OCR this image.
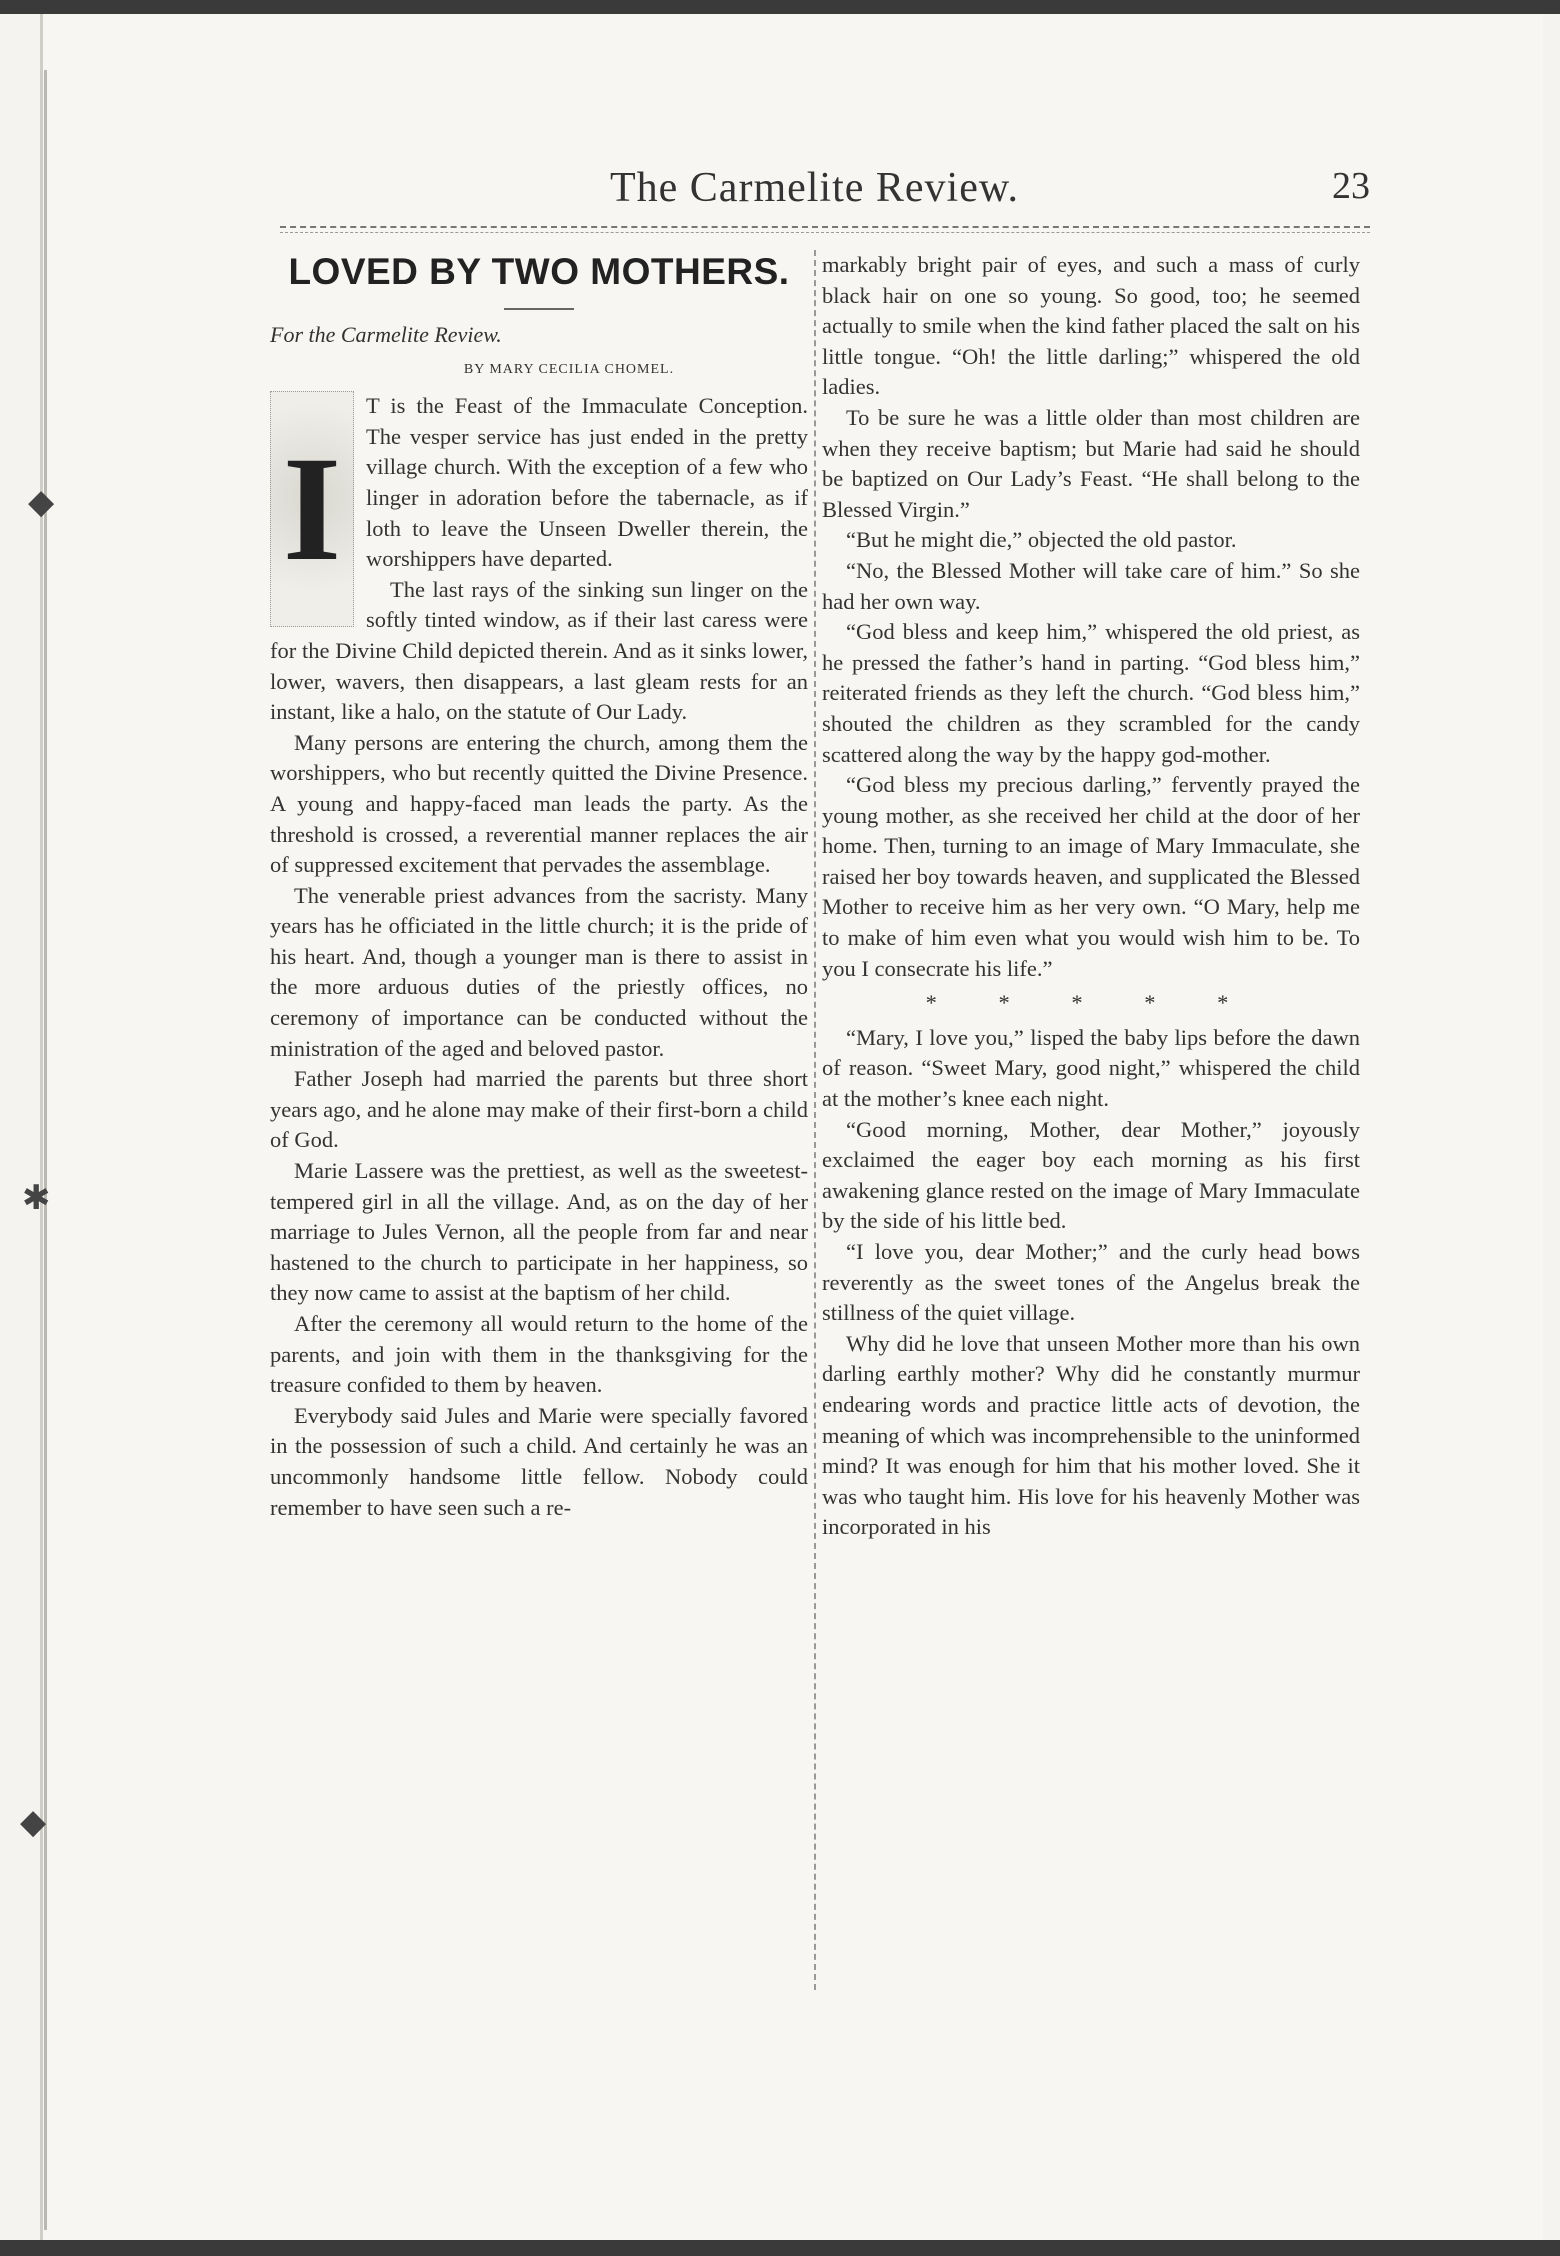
◆
✱
◆
The Carmelite Review.	23
LOVED BY TWO MOTHERS.
For the Carmelite Review.
BY MARY CECILIA CHOMEL.
I

T is the Feast of the Immaculate Conception. The vesper service has just ended in the pretty village church. With the exception of a few who linger in adoration before the tabernacle, as if loth to leave the Unseen Dweller therein, the worshippers have departed.

The last rays of the sinking sun linger on the softly tinted window, as if their last caress were for the Divine Child depicted therein. And as it sinks lower, lower, wavers, then disappears, a last gleam rests for an instant, like a halo, on the statute of Our Lady.

Many persons are entering the church, among them the worshippers, who but recently quitted the Divine Presence. A young and happy-faced man leads the party. As the threshold is crossed, a reverential manner replaces the air of suppressed excitement that pervades the assemblage.

The venerable priest advances from the sacristy. Many years has he officiated in the little church; it is the pride of his heart. And, though a younger man is there to assist in the more arduous duties of the priestly offices, no ceremony of importance can be conducted without the ministration of the aged and beloved pastor.

Father Joseph had married the parents but three short years ago, and he alone may make of their first-born a child of God.

Marie Lassere was the prettiest, as well as the sweetest-tempered girl in all the village. And, as on the day of her marriage to Jules Vernon, all the people from far and near hastened to the church to participate in her happiness, so they now came to assist at the baptism of her child.

After the ceremony all would return to the home of the parents, and join with them in the thanksgiving for the treasure confided to them by heaven.

Everybody said Jules and Marie were specially favored in the possession of such a child. And certainly he was an uncommonly handsome little fellow. Nobody could remember to have seen such a re-

markably bright pair of eyes, and such a mass of curly black hair on one so young. So good, too; he seemed actually to smile when the kind father placed the salt on his little tongue. “Oh! the little darling;” whispered the old ladies.

To be sure he was a little older than most children are when they receive baptism; but Marie had said he should be baptized on Our Lady’s Feast. “He shall belong to the Blessed Virgin.”

“But he might die,” objected the old pastor.

“No, the Blessed Mother will take care of him.” So she had her own way.

“God bless and keep him,” whispered the old priest, as he pressed the father’s hand in parting. “God bless him,” reiterated friends as they left the church. “God bless him,” shouted the children as they scrambled for the candy scattered along the way by the happy god-mother.

“God bless my precious darling,” fervently prayed the young mother, as she received her child at the door of her home. Then, turning to an image of Mary Immaculate, she raised her boy towards heaven, and supplicated the Blessed Mother to receive him as her very own. “O Mary, help me to make of him even what you would wish him to be. To you I consecrate his life.”

* * * * *

“Mary, I love you,” lisped the baby lips before the dawn of reason. “Sweet Mary, good night,” whispered the child at the mother’s knee each night.

“Good morning, Mother, dear Mother,” joyously exclaimed the eager boy each morning as his first awakening glance rested on the image of Mary Immaculate by the side of his little bed.

“I love you, dear Mother;” and the curly head bows reverently as the sweet tones of the Angelus break the stillness of the quiet village.

Why did he love that unseen Mother more than his own darling earthly mother? Why did he constantly murmur endearing words and practice little acts of devotion, the meaning of which was incomprehensible to the uninformed mind? It was enough for him that his mother loved. She it was who taught him. His love for his heavenly Mother was incorporated in his
